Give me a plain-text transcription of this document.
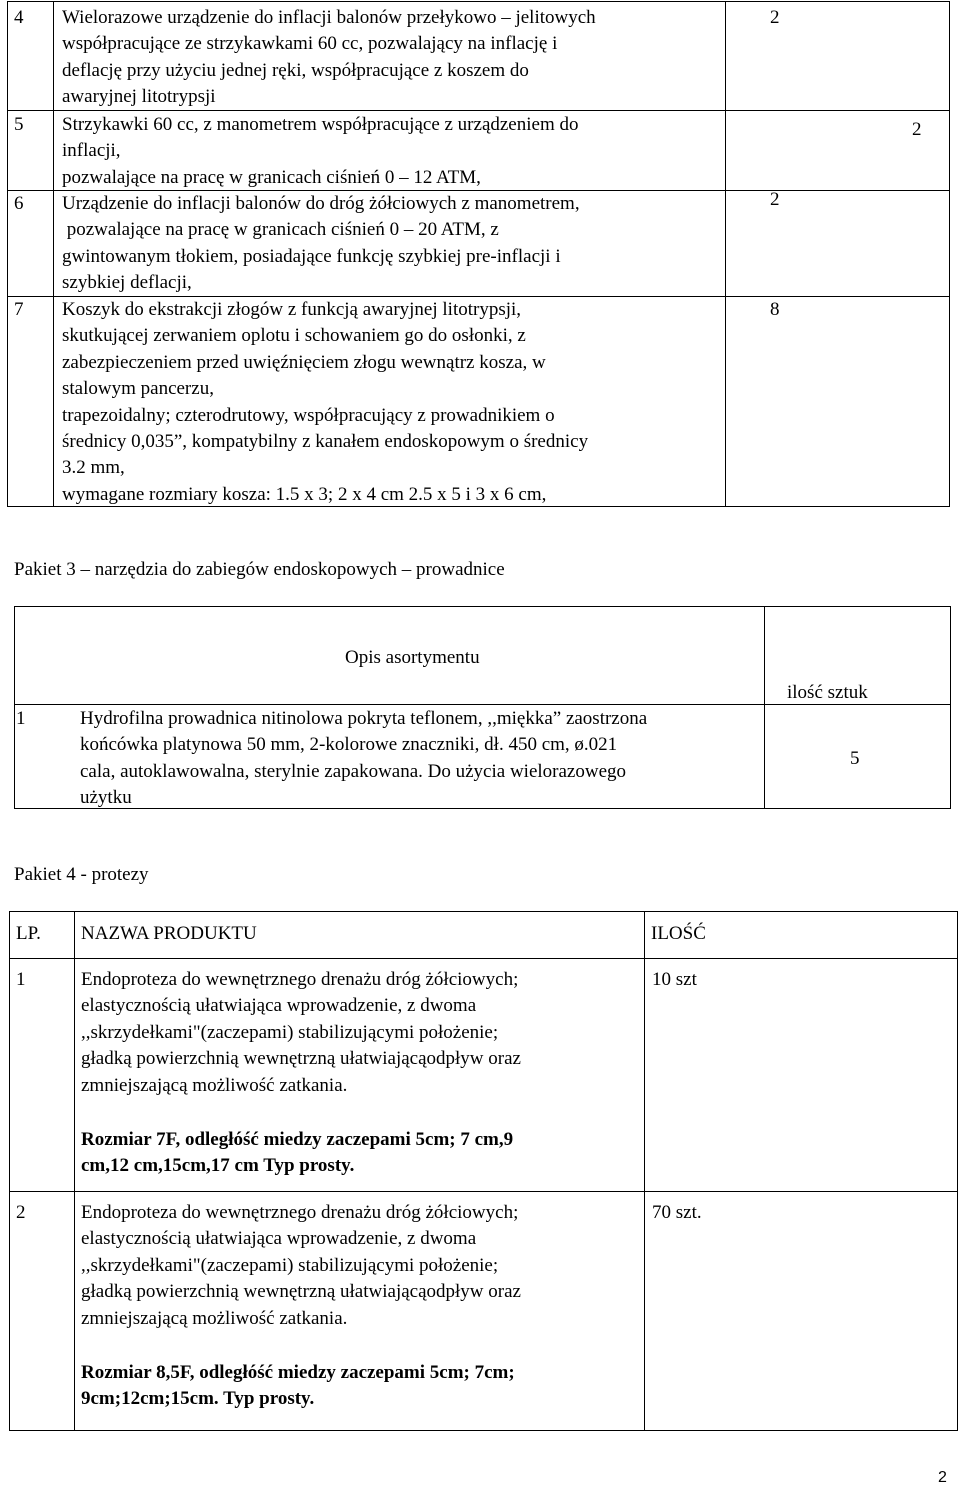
4 Wielorazowe urządzenie do inflacji balonów przełykowo – jelitowych
współpracujące ze strzykawkami 60 cc, pozwalający na inflację i
deflację przy użyciu jednej ręki, współpracujące z koszem do
awaryjnej litotrypsji
2
5 Strzykawki 60 cc, z manometrem współpracujące z urządzeniem do
inflacji,
pozwalające na pracę w granicach ciśnień 0 – 12 ATM,
2
6 Urządzenie do inflacji balonów do dróg żółciowych z manometrem,
pozwalające na pracę w granicach ciśnień 0 – 20 ATM, z
gwintowanym tłokiem, posiadające funkcję szybkiej pre-inflacji i
szybkiej deflacji,
2
7 Koszyk do ekstrakcji złogów z funkcją awaryjnej litotrypsji,
skutkującej zerwaniem oplotu i schowaniem go do osłonki, z
zabezpieczeniem przed uwięźnięciem złogu wewnątrz kosza, w
stalowym pancerzu,
trapezoidalny; czterodrutowy, współpracujący z prowadnikiem o
średnicy 0,035”, kompatybilny z kanałem endoskopowym o średnicy
3.2 mm,
wymagane rozmiary kosza: 1.5 x 3; 2 x 4 cm 2.5 x 5 i 3 x 6 cm,
8
Pakiet 3 – narzędzia do zabiegów endoskopowych – prowadnice
Opis asortymentu
ilość sztuk
1	Hydrofilna prowadnica nitinolowa pokryta teflonem, ,,miękka” zaostrzona
końcówka platynowa 50 mm, 2-kolorowe znaczniki, dł. 450 cm, ø.021
cala, autoklawowalna, sterylnie zapakowana. Do użycia wielorazowego
użytku
5
Pakiet 4 - protezy
LP. NAZWA PRODUKTU	ILOŚĆ
1	Endoproteza do wewnętrznego drenażu dróg żółciowych;
elastycznością ułatwiająca wprowadzenie, z dwoma
,,skrzydełkami"(zaczepami) stabilizującymi położenie;
gładką powierzchnią wewnętrzną ułatwiającąodpływ oraz
zmniejszającą możliwość zatkania.
Rozmiar 7F, odległóść miedzy zaczepami 5cm; 7 cm,9
cm,12 cm,15cm,17 cm Typ prosty.
10 szt
2	Endoproteza do wewnętrznego drenażu dróg żółciowych;
elastycznością ułatwiająca wprowadzenie, z dwoma
,,skrzydełkami"(zaczepami) stabilizującymi położenie;
gładką powierzchnią wewnętrzną ułatwiającąodpływ oraz
zmniejszającą możliwość zatkania.
Rozmiar 8,5F, odległóść miedzy zaczepami 5cm; 7cm;
9cm;12cm;15cm. Typ prosty.
70 szt.
2
